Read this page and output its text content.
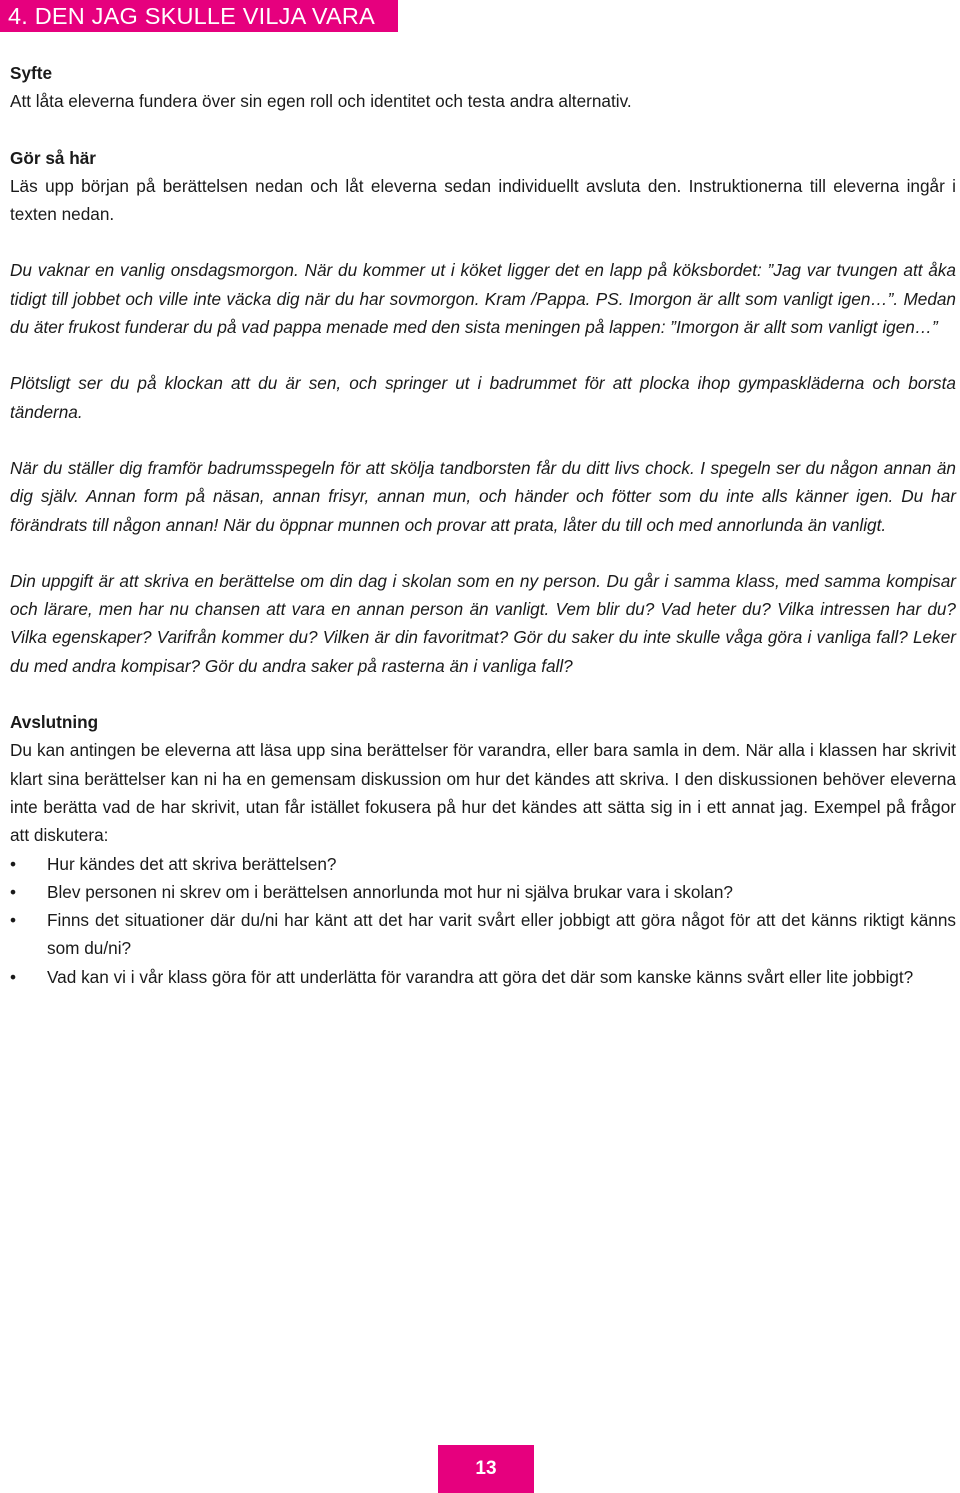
4. DEN JAG SKULLE VILJA VARA

Syfte

Att låta eleverna fundera över sin egen roll och identitet och testa andra alternativ.

Gör så här

Läs upp början på berättelsen nedan och låt eleverna sedan individuellt avsluta den. Instruktionerna till eleverna ingår i texten nedan.

Du vaknar en vanlig onsdagsmorgon. När du kommer ut i köket ligger det en lapp på köksbordet: ”Jag var tvungen att åka tidigt till jobbet och ville inte väcka dig när du har sovmorgon. Kram /Pappa. PS. Imorgon är allt som vanligt igen…”. Medan du äter frukost funderar du på vad pappa menade med den sista meningen på lappen: ”Imorgon är allt som vanligt igen…”

Plötsligt ser du på klockan att du är sen, och springer ut i badrummet för att plocka ihop gympaskläderna och borsta tänderna.

När du ställer dig framför badrumsspegeln för att skölja tandborsten får du ditt livs chock. I spegeln ser du någon annan än dig själv. Annan form på näsan, annan frisyr, annan mun, och händer och fötter som du inte alls känner igen. Du har förändrats till någon annan! När du öppnar munnen och provar att prata, låter du till och med annorlunda än vanligt.

Din uppgift är att skriva en berättelse om din dag i skolan som en ny person. Du går i samma klass, med samma kompisar och lärare, men har nu chansen att vara en annan person än vanligt. Vem blir du? Vad heter du? Vilka intressen har du? Vilka egenskaper? Varifrån kommer du? Vilken är din favoritmat? Gör du saker du inte skulle våga göra i vanliga fall? Leker du med andra kompisar? Gör du andra saker på rasterna än i vanliga fall?

Avslutning

Du kan antingen be eleverna att läsa upp sina berättelser för varandra, eller bara samla in dem. När alla i klassen har skrivit klart sina berättelser kan ni ha en gemensam diskussion om hur det kändes att skriva. I den diskussionen behöver eleverna inte berätta vad de har skrivit, utan får istället fokusera på hur det kändes att sätta sig in i ett annat jag. Exempel på frågor att diskutera:

• Hur kändes det att skriva berättelsen?
• Blev personen ni skrev om i berättelsen annorlunda mot hur ni själva brukar vara i skolan?
• Finns det situationer där du/ni har känt att det har varit svårt eller jobbigt att göra något för att det känns riktigt känns som du/ni?
• Vad kan vi i vår klass göra för att underlätta för varandra att göra det där som kanske känns svårt eller lite jobbigt?
13
